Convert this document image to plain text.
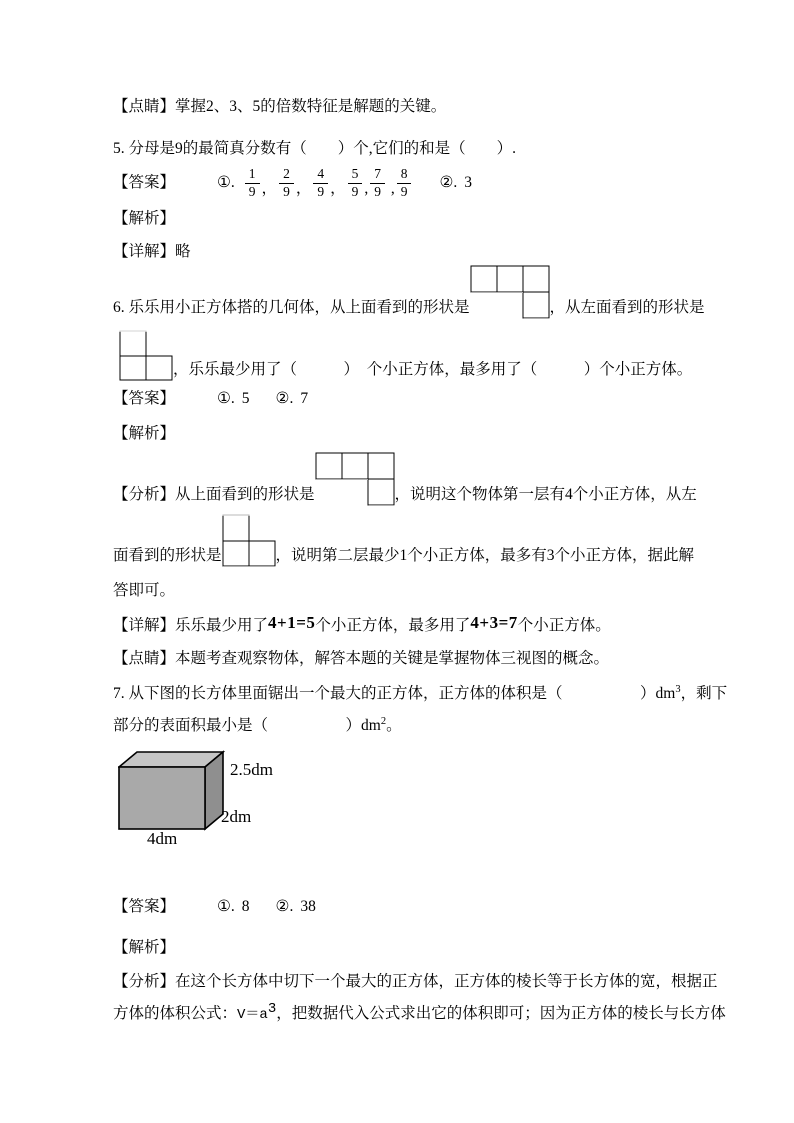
【点睛】掌握2、3、5的倍数特征是解题的关键。
5. 分母是9的最简真分数有（　　）个,它们的和是（　　）.
【答案】	①. $\frac{1}{9}$ ， $\frac{2}{9}$ ， $\frac{4}{9}$ ， $\frac{5}{9}$ , $\frac{7}{9}$ , $\frac{8}{9}$ ②. 3
【解析】
【详解】略
6. 乐乐用小正方体搭的几何体，从上面看到的形状是	，从左面看到的形状是
，乐乐最少用了（　　　）  个小正方体，最多用了（　　　）个小正方体。
【答案】	①. 5 ②. 7
【解析】
【分析】从上面看到的形状是	，说明这个物体第一层有4个小正方体，从左
面看到的形状是	，说明第二层最少1个小正方体，最多有3个小正方体，据此解
答即可。
【详解】乐乐最少用了4+1=5个小正方体，最多用了4+3=7个小正方体。
【点睛】本题考查观察物体，解答本题的关键是掌握物体三视图的概念。
7. 从下图的长方体里面锯出一个最大的正方体，正方体的体积是（　　　　　）$dm^3$，剩下
部分的表面积最小是（　　　　　）$dm^2$。
2.5dm
2dm
4dm
【答案】	①. 8 ②. 38
【解析】
【分析】在这个长方体中切下一个最大的正方体，正方体的棱长等于长方体的宽，根据正
方体的体积公式：$V=a^3$，把数据代入公式求出它的体积即可；因为正方体的棱长与长方体
